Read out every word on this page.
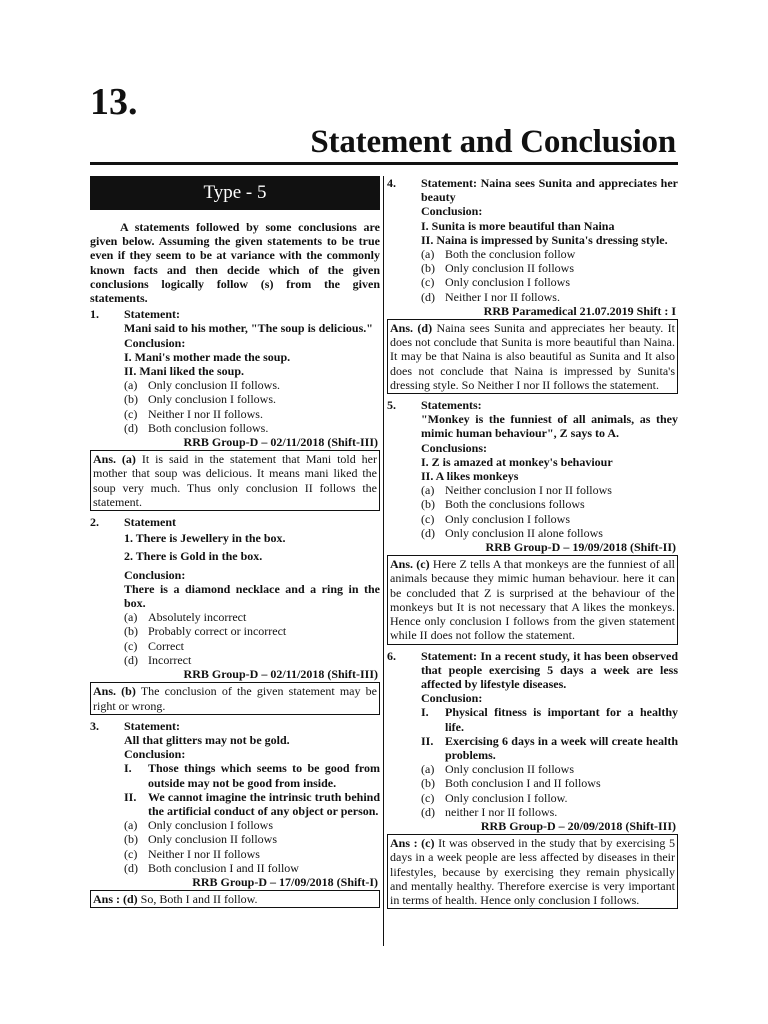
13.
Statement and Conclusion
Type - 5
A statements followed by some conclusions are given below. Assuming the given statements to be true even if they seem to be at variance with the commonly known facts and then decide which of the given conclusions logically follow (s) from the given statements.
1.	Statement:
Mani said to his mother, "The soup is delicious."
Conclusion:
I. Mani's mother made the soup.
II. Mani liked the soup.
(a) Only conclusion II follows.
(b) Only conclusion I follows.
(c) Neither I nor II follows.
(d) Both conclusion follows.
RRB Group-D – 02/11/2018 (Shift-III)
Ans. (a) It is said in the statement that Mani told her mother that soup was delicious. It means mani liked the soup very much. Thus only conclusion II follows the statement.
2.	Statement
1. There is Jewellery in the box.
2. There is Gold in the box.
Conclusion:
There is a diamond necklace and a ring in the box.
(a) Absolutely incorrect
(b) Probably correct or incorrect
(c) Correct
(d) Incorrect
RRB Group-D – 02/11/2018 (Shift-III)
Ans. (b) The conclusion of the given statement may be right or wrong.
3.	Statement:
All that glitters may not be gold.
Conclusion:
I.	Those things which seems to be good from outside may not be good from inside.
II. We cannot imagine the intrinsic truth behind the artificial conduct of any object or person.
(a) Only conclusion I follows
(b) Only conclusion II follows
(c) Neither I nor II follows
(d) Both conclusion I and II follow
RRB Group-D – 17/09/2018 (Shift-I)
Ans : (d) So, Both I and II follow.
4.	Statement: Naina sees Sunita and appreciates her beauty
Conclusion:
I. Sunita is more beautiful than Naina
II. Naina is impressed by Sunita's dressing style.
(a) Both the conclusion follow
(b) Only conclusion II follows
(c) Only conclusion I follows
(d) Neither I nor II follows.
RRB Paramedical 21.07.2019 Shift : I
Ans. (d) Naina sees Sunita and appreciates her beauty. It does not conclude that Sunita is more beautiful than Naina. It may be that Naina is also beautiful as Sunita and It also does not conclude that Naina is impressed by Sunita's dressing style. So Neither I nor II follows the statement.
5.	Statements:
"Monkey is the funniest of all animals, as they mimic human behaviour", Z says to A.
Conclusions:
I. Z is amazed at monkey's behaviour
II. A likes monkeys
(a) Neither conclusion I nor II follows
(b) Both the conclusions follows
(c) Only conclusion I follows
(d) Only conclusion II alone follows
RRB Group-D – 19/09/2018 (Shift-II)
Ans. (c) Here Z tells A that monkeys are the funniest of all animals because they mimic human behaviour. here it can be concluded that Z is surprised at the behaviour of the monkeys but It is not necessary that A likes the monkeys. Hence only conclusion I follows from the given statement while II does not follow the statement.
6.	Statement: In a recent study, it has been observed that people exercising 5 days a week are less affected by lifestyle diseases.
Conclusion:
I.	Physical fitness is important for a healthy life.
II. Exercising 6 days in a week will create health problems.
(a) Only conclusion II follows
(b) Both conclusion I and II follows
(c) Only conclusion I follow.
(d) neither I nor II follows.
RRB Group-D – 20/09/2018 (Shift-III)
Ans : (c) It was observed in the study that by exercising 5 days in a week people are less affected by diseases in their lifestyles, because by exercising they remain physically and mentally healthy. Therefore exercise is very important in terms of health. Hence only conclusion I follows.
